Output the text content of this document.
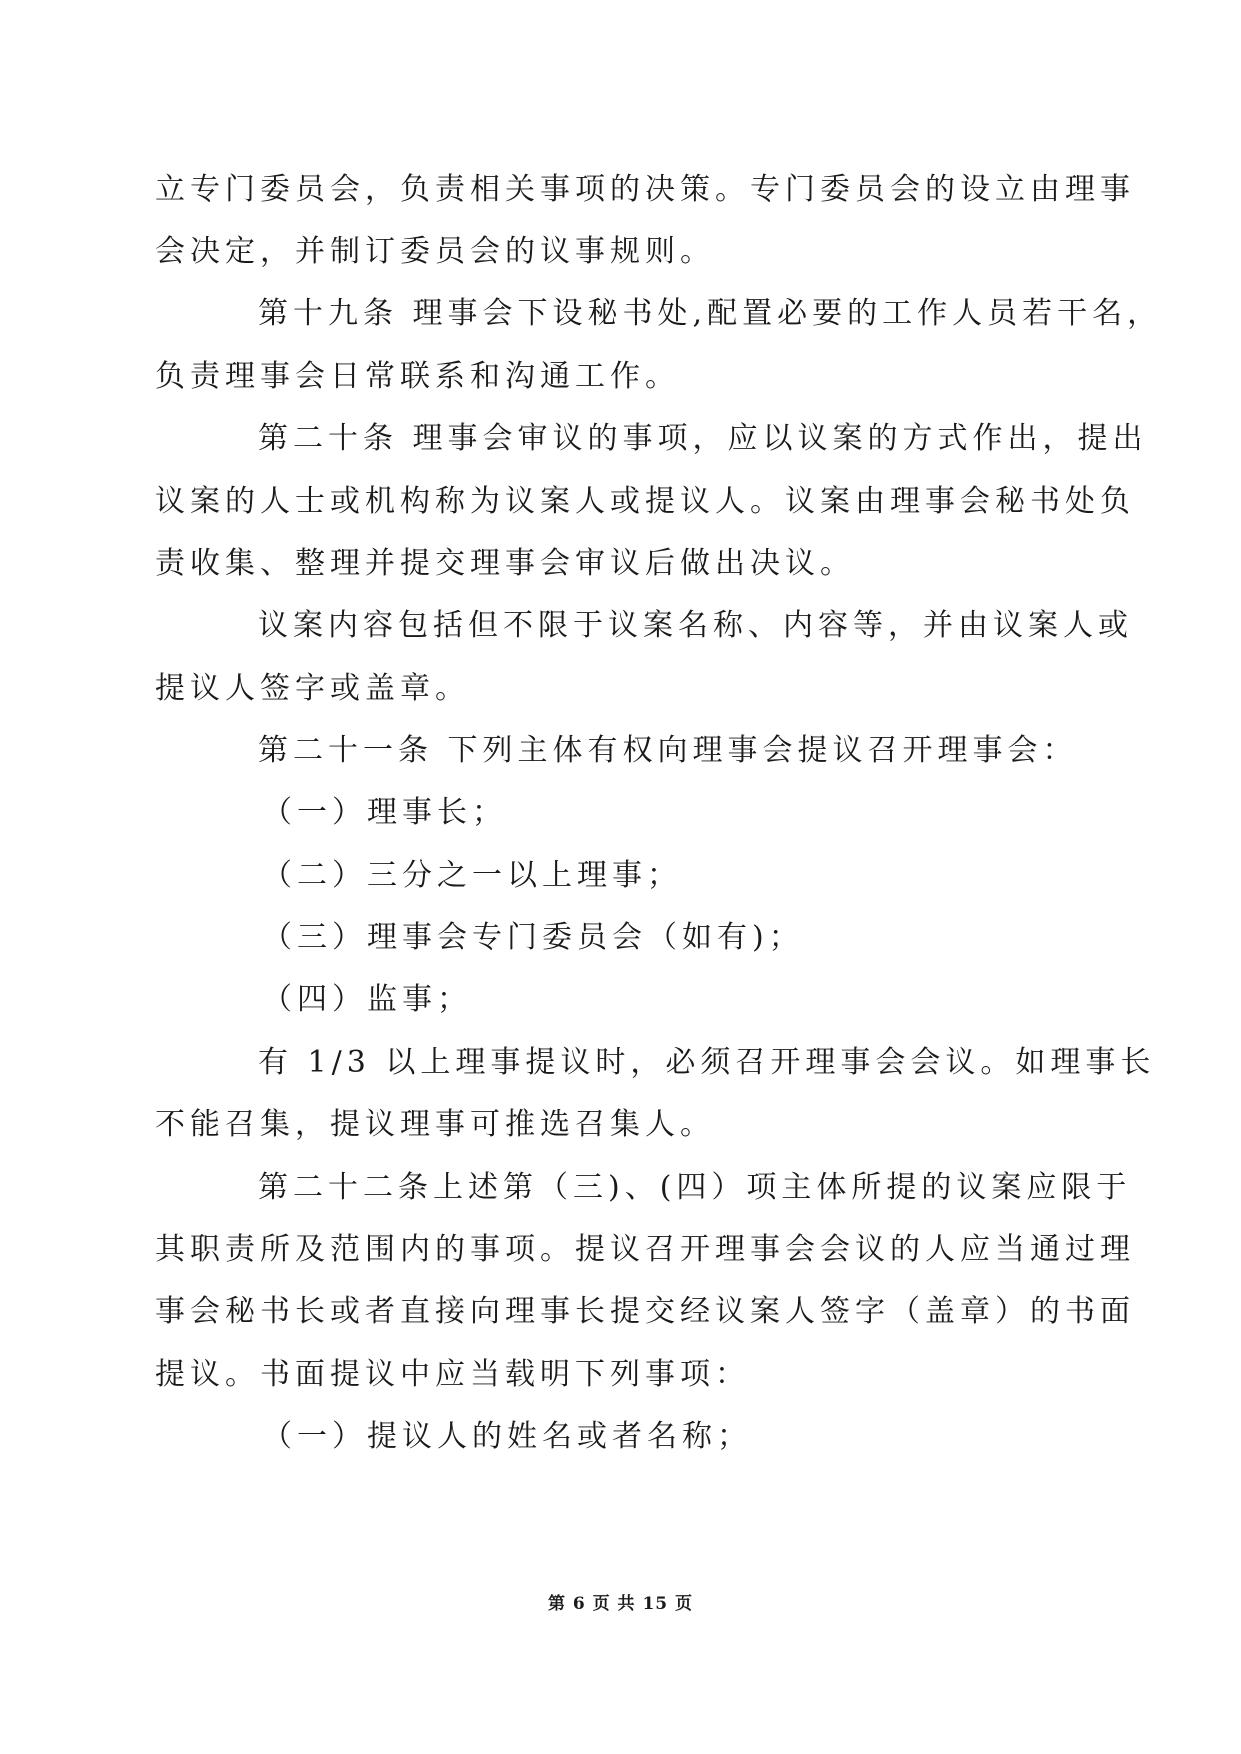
立专门委员会，负责相关事项的决策。专门委员会的设立由理事
会决定，并制订委员会的议事规则。
第十九条 理事会下设秘书处,配置必要的工作人员若干名，
负责理事会日常联系和沟通工作。
第二十条 理事会审议的事项，应以议案的方式作出，提出
议案的人士或机构称为议案人或提议人。议案由理事会秘书处负
责收集、整理并提交理事会审议后做出决议。
议案内容包括但不限于议案名称、内容等，并由议案人或
提议人签字或盖章。
第二十一条 下列主体有权向理事会提议召开理事会：
（一）理事长；
（二）三分之一以上理事；
（三）理事会专门委员会（如有)；
（四）监事；
有 1/3 以上理事提议时，必须召开理事会会议。如理事长
不能召集，提议理事可推选召集人。
第二十二条上述第（三)、(四）项主体所提的议案应限于
其职责所及范围内的事项。提议召开理事会会议的人应当通过理
事会秘书长或者直接向理事长提交经议案人签字（盖章）的书面
提议。书面提议中应当载明下列事项：
（一）提议人的姓名或者名称；
第 6 页 共 15 页
